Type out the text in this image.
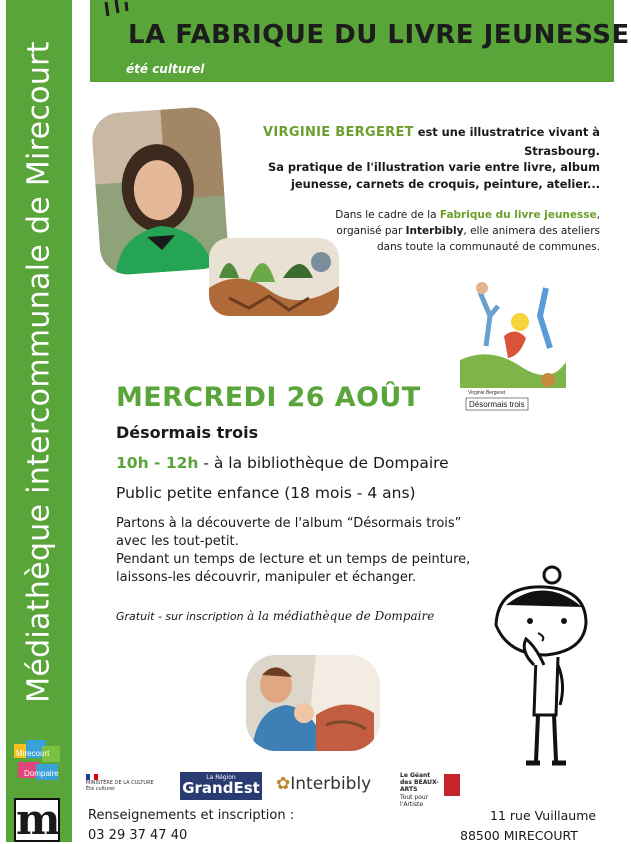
Médiathèque intercommunale de Mirecourt
Mirecourt
Dompaire
m
LA FABRIQUE DU LIVRE JEUNESSE
été culturel
VIRGINIE BERGERET est une illustratrice vivant à Strasbourg.
Sa pratique de l'illustration varie entre livre, album
jeunesse, carnets de croquis, peinture, atelier...
Dans le cadre de la Fabrique du livre jeunesse,
organisé par Interbibly, elle animera des ateliers
dans toute la communauté de communes.
Virginie Bergeret
Désormais trois
MERCREDI 26 AOÛT
Désormais trois
10h - 12h - à la bibliothèque de Dompaire
Public petite enfance (18 mois - 4 ans)
Partons à la découverte de l'album “Désormais trois”
avec les tout-petit.
Pendant un temps de lecture et un temps de peinture,
laissons-les découvrir, manipuler et échanger.
Gratuit - sur inscription à la médiathèque de Dompaire
MINISTÈRE DE LA CULTURE
Été culturel
La Région
GrandEst ✿Interbibly	Le Géant des BEAUX-ARTS
Tout pour l'Artiste
Renseignements et inscription :
03 29 37 47 40
11 rue Vuillaume
88500 MIRECOURT
